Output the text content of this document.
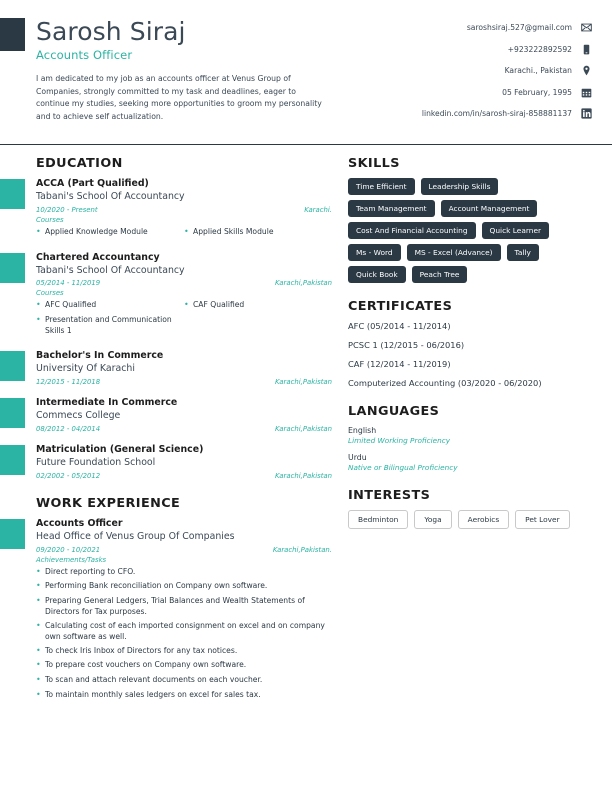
Sarosh Siraj
Accounts Officer
I am dedicated to my job as an accounts officer at Venus Group of Companies, strongly committed to my task and deadlines, eager to continue my studies, seeking more opportunities to groom my personality and to achieve self actualization.
saroshsiraj.527@gmail.com
+923222892592
Karachi., Pakistan
05 February, 1995
linkedin.com/in/sarosh-siraj-858881137
EDUCATION
ACCA (Part Qualified)
Tabani's School Of Accountancy
10/2020 - Present	Karachi.
Courses
• Applied Knowledge Module	• Applied Skills Module
Chartered Accountancy
Tabani's School Of Accountancy
05/2014 - 11/2019	Karachi,Pakistan
Courses
• AFC Qualified	• CAF Qualified
• Presentation and Communication Skills 1
Bachelor's In Commerce
University Of Karachi
12/2015 - 11/2018	Karachi,Pakistan
Intermediate In Commerce
Commecs College
08/2012 - 04/2014	Karachi,Pakistan
Matriculation (General Science)
Future Foundation School
02/2002 - 05/2012	Karachi,Pakistan
WORK EXPERIENCE
Accounts Officer
Head Office of Venus Group Of Companies
09/2020 - 10/2021	Karachi,Pakistan.
Achievements/Tasks
• Direct reporting to CFO.
• Performing Bank reconciliation on Company own software.
• Preparing General Ledgers, Trial Balances and Wealth Statements of Directors for Tax purposes.
• Calculating cost of each imported consignment on excel and on company own software as well.
• To check Iris Inbox of Directors for any tax notices.
• To prepare cost vouchers on Company own software.
• To scan and attach relevant documents on each voucher.
• To maintain monthly sales ledgers on excel for sales tax.
SKILLS
Time Efficient	Leadership Skills
Team Management	Account Management
Cost And Financial Accounting	Quick Learner
Ms - Word	MS - Excel (Advance)	Tally
Quick Book	Peach Tree
CERTIFICATES
AFC (05/2014 - 11/2014)
PCSC 1 (12/2015 - 06/2016)
CAF (12/2014 - 11/2019)
Computerized Accounting (03/2020 - 06/2020)
LANGUAGES
English
Limited Working Proficiency
Urdu
Native or Bilingual Proficiency
INTERESTS
Bedminton	Yoga	Aerobics	Pet Lover
